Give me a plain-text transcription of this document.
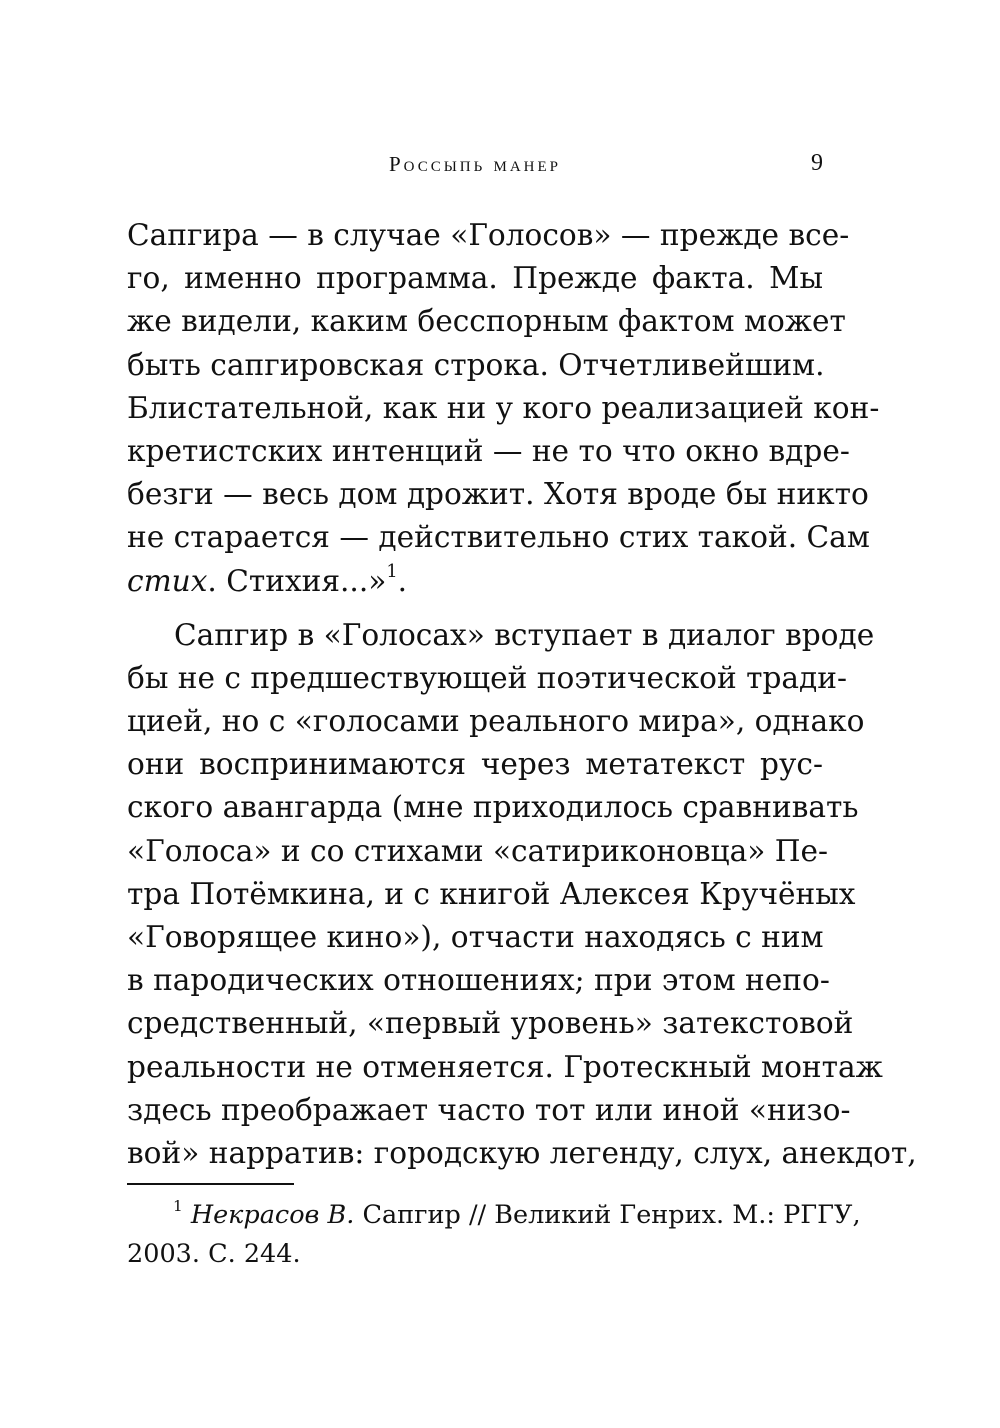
Россыпь манер	9
Сапгира — в случае «Голосов» — прежде все-
го, именно программа. Прежде факта. Мы
же видели, каким бесспорным фактом может
быть сапгировская строка. Отчетливейшим.
Блистательной, как ни у кого реализацией кон-
кретистских интенций — не то что окно вдре-
безги — весь дом дрожит. Хотя вроде бы никто
не старается — действительно стих такой. Сам
стих. Стихия...»$^1$.
Сапгир в «Голосах» вступает в диалог вроде
бы не с предшествующей поэтической тради-
цией, но с «голосами реального мира», однако
они воспринимаются через метатекст рус-
ского авангарда (мне приходилось сравнивать
«Голоса» и со стихами «сатириконовца» Пе-
тра Потёмкина, и с книгой Алексея Кручёных
«Говорящее кино»), отчасти находясь с ним
в пародических отношениях; при этом непо-
средственный, «первый уровень» затекстовой
реальности не отменяется. Гротескный монтаж
здесь преображает часто тот или иной «низо-
вой» нарратив: городскую легенду, слух, анекдот,
$^1$ Некрасов В. Сапгир // Великий Генрих. М.: РГГУ,
2003. С. 244.
